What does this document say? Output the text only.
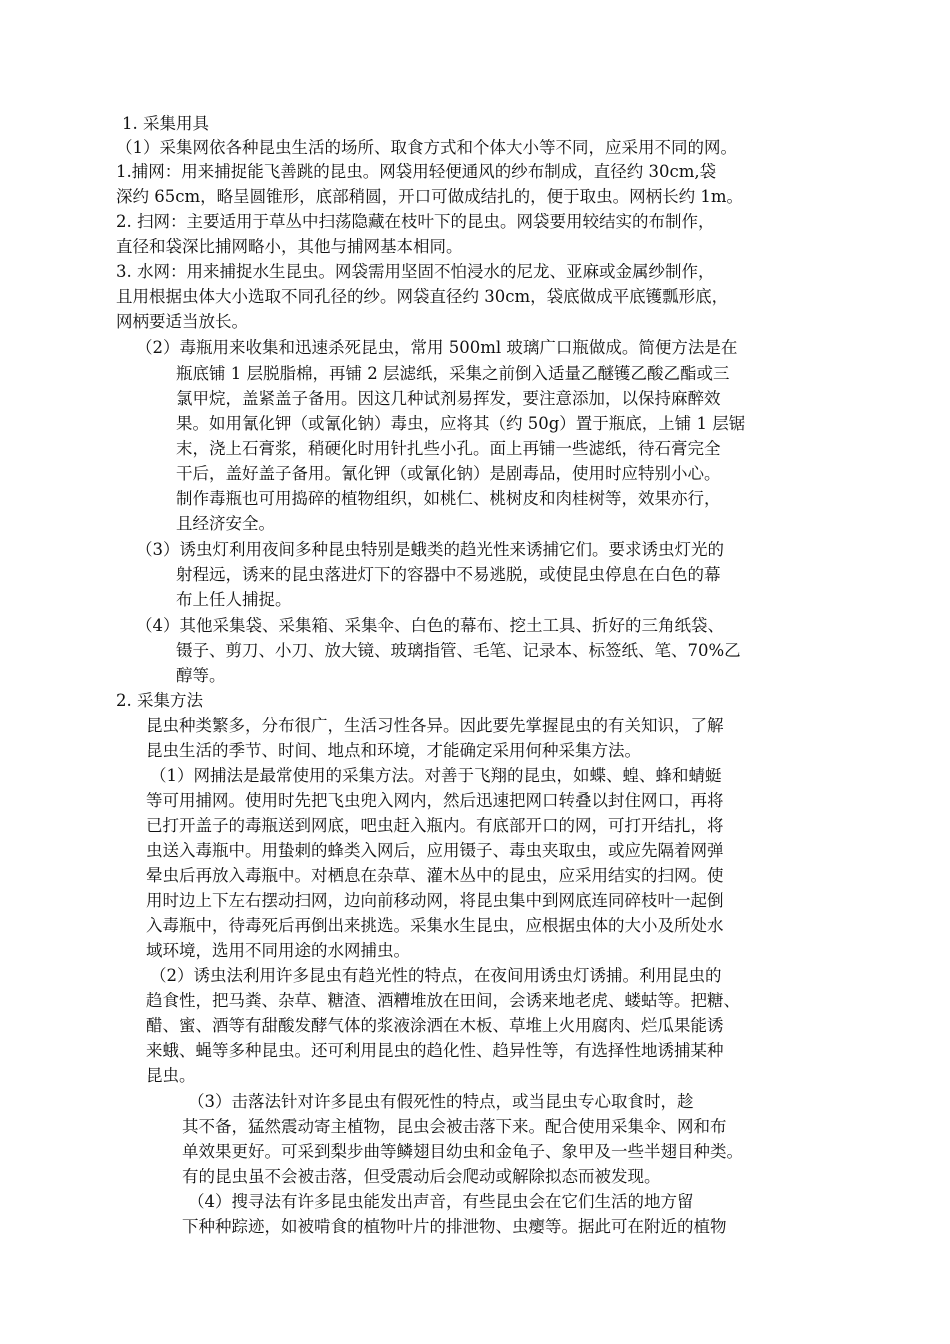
1. 采集用具
（1）采集网依各种昆虫生活的场所、取食方式和个体大小等不同，应采用不同的网。
1.捕网：用来捕捉能飞善跳的昆虫。网袋用轻便通风的纱布制成，直径约 30cm,袋
深约 65cm，略呈圆锥形，底部稍圆，开口可做成结扎的，便于取虫。网柄长约 1m。
2. 扫网：主要适用于草丛中扫荡隐藏在枝叶下的昆虫。网袋要用较结实的布制作，
直径和袋深比捕网略小，其他与捕网基本相同。
3. 水网：用来捕捉水生昆虫。网袋需用坚固不怕浸水的尼龙、亚麻或金属纱制作，
且用根据虫体大小选取不同孔径的纱。网袋直径约 30cm，袋底做成平底镬瓢形底，
网柄要适当放长。
（2）毒瓶用来收集和迅速杀死昆虫，常用 500ml 玻璃广口瓶做成。简便方法是在
瓶底铺 1 层脱脂棉，再铺 2 层滤纸，采集之前倒入适量乙醚镬乙酸乙酯或三
氯甲烷，盖紧盖子备用。因这几种试剂易挥发，要注意添加，以保持麻醉效
果。如用氰化钾（或氰化钠）毒虫，应将其（约 50g）置于瓶底，上铺 1 层锯
末，浇上石膏浆，稍硬化时用针扎些小孔。面上再铺一些滤纸，待石膏完全
干后，盖好盖子备用。氰化钾（或氰化钠）是剧毒品，使用时应特别小心。
制作毒瓶也可用捣碎的植物组织，如桃仁、桃树皮和肉桂树等，效果亦行，
且经济安全。
（3）诱虫灯利用夜间多种昆虫特别是蛾类的趋光性来诱捕它们。要求诱虫灯光的
射程远，诱来的昆虫落进灯下的容器中不易逃脱，或使昆虫停息在白色的幕
布上任人捕捉。
（4）其他采集袋、采集箱、采集伞、白色的幕布、挖土工具、折好的三角纸袋、
镊子、剪刀、小刀、放大镜、玻璃指管、毛笔、记录本、标签纸、笔、70%乙
醇等。
2. 采集方法
昆虫种类繁多，分布很广，生活习性各异。因此要先掌握昆虫的有关知识，了解
昆虫生活的季节、时间、地点和环境，才能确定采用何种采集方法。
（1）网捕法是最常使用的采集方法。对善于飞翔的昆虫，如蝶、蝗、蜂和蜻蜓
等可用捕网。使用时先把飞虫兜入网内，然后迅速把网口转叠以封住网口，再将
已打开盖子的毒瓶送到网底，吧虫赶入瓶内。有底部开口的网，可打开结扎，将
虫送入毒瓶中。用蛰刺的蜂类入网后，应用镊子、毒虫夹取虫，或应先隔着网弹
晕虫后再放入毒瓶中。对栖息在杂草、灌木丛中的昆虫，应采用结实的扫网。使
用时边上下左右摆动扫网，边向前移动网，将昆虫集中到网底连同碎枝叶一起倒
入毒瓶中，待毒死后再倒出来挑选。采集水生昆虫，应根据虫体的大小及所处水
域环境，选用不同用途的水网捕虫。
（2）诱虫法利用许多昆虫有趋光性的特点，在夜间用诱虫灯诱捕。利用昆虫的
趋食性，把马粪、杂草、糖渣、酒糟堆放在田间，会诱来地老虎、蝼蛄等。把糖、
醋、蜜、酒等有甜酸发酵气体的浆液涂洒在木板、草堆上火用腐肉、烂瓜果能诱
来蛾、蝇等多种昆虫。还可利用昆虫的趋化性、趋异性等，有选择性地诱捕某种
昆虫。
（3）击落法针对许多昆虫有假死性的特点，或当昆虫专心取食时，趁
其不备，猛然震动寄主植物，昆虫会被击落下来。配合使用采集伞、网和布
单效果更好。可采到梨步曲等鳞翅目幼虫和金龟子、象甲及一些半翅目种类。
有的昆虫虽不会被击落，但受震动后会爬动或解除拟态而被发现。
（4）搜寻法有许多昆虫能发出声音，有些昆虫会在它们生活的地方留
下种种踪迹，如被啃食的植物叶片的排泄物、虫瘿等。据此可在附近的植物
